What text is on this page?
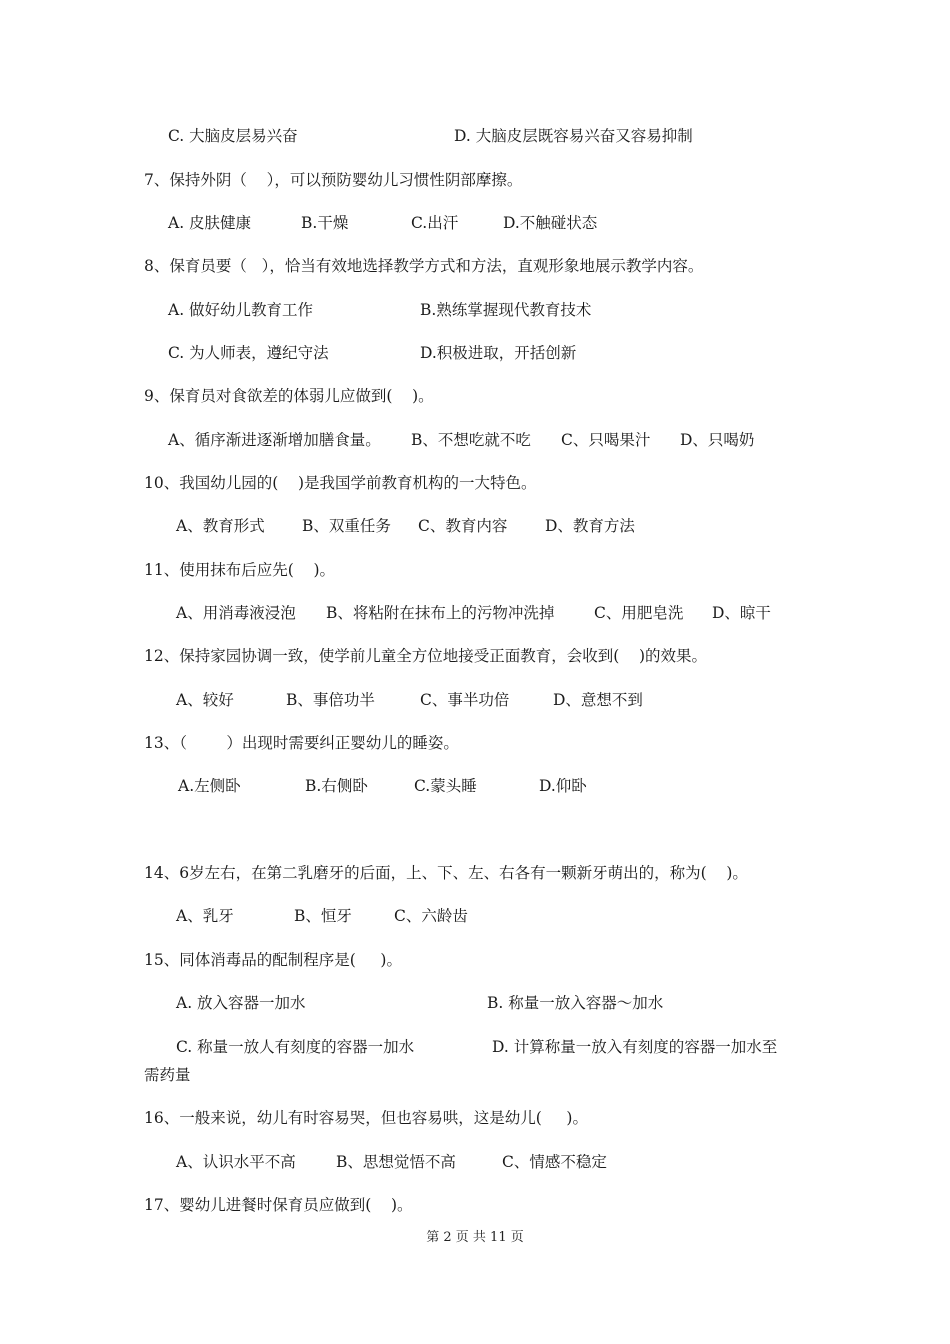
C. 大脑皮层易兴奋	D. 大脑皮层既容易兴奋又容易抑制
7、保持外阴（    ），可以预防婴幼儿习惯性阴部摩擦。
A. 皮肤健康	B.干燥	C.出汗	D.不触碰状态
8、保育员要（   ），恰当有效地选择教学方式和方法，直观形象地展示教学内容。
A. 做好幼儿教育工作	B.熟练掌握现代教育技术
C. 为人师表，遵纪守法	D.积极进取，开括创新
9、保育员对食欲差的体弱儿应做到(    )。
A、循序渐进逐渐增加膳食量。 B、不想吃就不吃 C、只喝果汁 D、只喝奶
10、我国幼儿园的(    )是我国学前教育机构的一大特色。
A、教育形式 B、双重任务 C、教育内容 D、教育方法
11、使用抹布后应先(    )。
A、用消毒液浸泡 B、将粘附在抹布上的污物冲洗掉	C、用肥皂洗 D、晾干
12、保持家园协调一致，使学前儿童全方位地接受正面教育，会收到(    )的效果。
A、较好	B、事倍功半	C、事半功倍	D、意想不到
13、（        ）出现时需要纠正婴幼儿的睡姿。
A.左侧卧	B.右侧卧	C.蒙头睡	D.仰卧
14、6岁左右，在第二乳磨牙的后面，上、下、左、右各有一颗新牙萌出的，称为(    )。
A、乳牙	B、恒牙	C、六龄齿
15、同体消毒品的配制程序是(     )。
A. 放入容器一加水	B. 称量一放入容器～加水
C. 称量一放人有刻度的容器一加水	D. 计算称量一放入有刻度的容器一加水至
需药量
16、一般来说，幼儿有时容易哭，但也容易哄，这是幼儿(     )。
A、认识水平不高	B、思想觉悟不高	C、情感不稳定
17、婴幼儿进餐时保育员应做到(    )。
第 2 页 共 11 页
